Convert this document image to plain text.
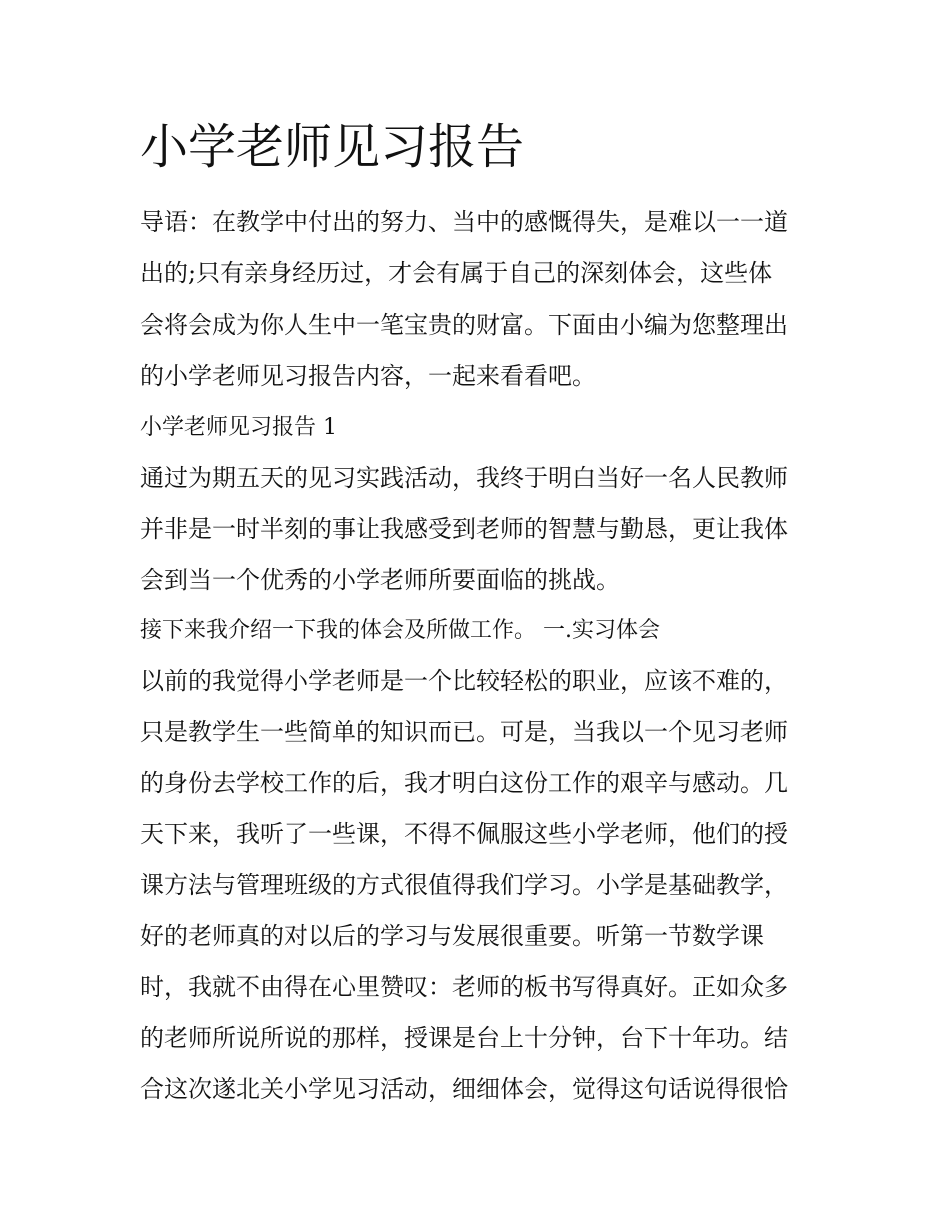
小学老师见习报告

导语：在教学中付出的努力、当中的感慨得失，是难以一一道

出的;只有亲身经历过，才会有属于自己的深刻体会，这些体

会将会成为你人生中一笔宝贵的财富。下面由小编为您整理出

的小学老师见习报告内容，一起来看看吧。

小学老师见习报告 1

通过为期五天的见习实践活动，我终于明白当好一名人民教师

并非是一时半刻的事让我感受到老师的智慧与勤恳，更让我体

会到当一个优秀的小学老师所要面临的挑战。

接下来我介绍一下我的体会及所做工作。 一.实习体会

以前的我觉得小学老师是一个比较轻松的职业，应该不难的，

只是教学生一些简单的知识而已。可是，当我以一个见习老师

的身份去学校工作的后，我才明白这份工作的艰辛与感动。几

天下来，我听了一些课，不得不佩服这些小学老师，他们的授

课方法与管理班级的方式很值得我们学习。小学是基础教学，

好的老师真的对以后的学习与发展很重要。听第一节数学课

时，我就不由得在心里赞叹：老师的板书写得真好。正如众多

的老师所说所说的那样，授课是台上十分钟，台下十年功。结

合这次遂北关小学见习活动，细细体会，觉得这句话说得很恰
